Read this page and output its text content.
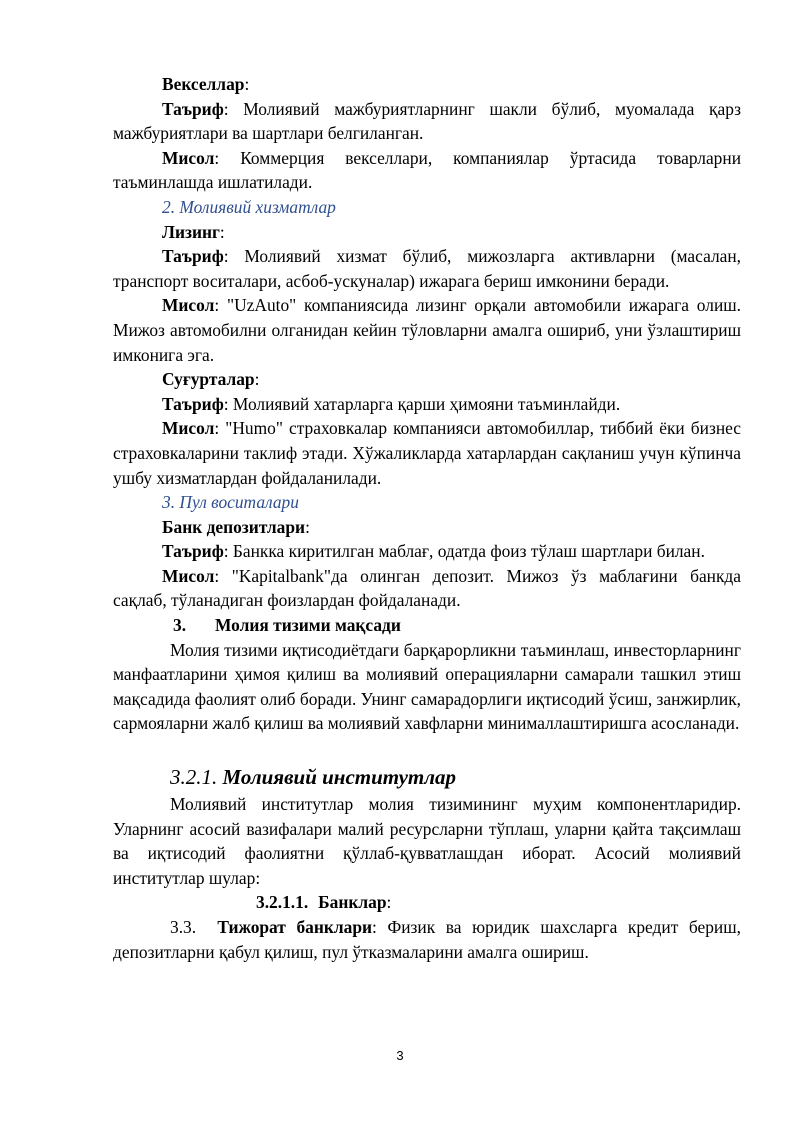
Векселлар:

Таъриф: Молиявий мажбуриятларнинг шакли бўлиб, муомалада қарз мажбуриятлари ва шартлари белгиланган.

Мисол: Коммерция векселлари, компаниялар ўртасида товарларни таъминлашда ишлатилади.

2. Молиявий хизматлар

Лизинг:

Таъриф: Молиявий хизмат бўлиб, мижозларга активларни (масалан, транспорт воситалари, асбоб-ускуналар) ижарага бериш имконини беради.

Мисол: "UzAuto" компаниясида лизинг орқали автомобили ижарага олиш. Мижоз автомобилни олганидан кейин тўловларни амалга ошириб, уни ўзлаштириш имконига эга.

Суғурталар:

Таъриф: Молиявий хатарларга қарши ҳимояни таъминлайди.

Мисол: "Humo" страховкалар компанияси автомобиллар, тиббий ёки бизнес страховкаларини таклиф этади. Хўжаликларда хатарлардан сақланиш учун кўпинча ушбу хизматлардан фойдаланилади.

3. Пул воситалари

Банк депозитлари:

Таъриф: Банкка киритилган маблағ, одатда фоиз тўлаш шартлари билан.

Мисол: "Kapitalbank"да олинган депозит. Мижоз ўз маблағини банкда сақлаб, тўланадиган фоизлардан фойдаланади.

3. Молия тизими мақсади

Молия тизими иқтисодиётдаги барқарорликни таъминлаш, инвесторларнинг манфаатларини ҳимоя қилиш ва молиявий операцияларни самарали ташкил этиш мақсадида фаолият олиб боради. Унинг самарадорлиги иқтисодий ўсиш, занжирлик, сармояларни жалб қилиш ва молиявий хавфларни минималлаштиришга асосланади.

3.2.1. Молиявий институтлар

Молиявий институтлар молия тизимининг муҳим компонентларидир. Уларнинг асосий вазифалари малий ресурсларни тўплаш, уларни қайта тақсимлаш ва иқтисодий фаолиятни қўллаб-қувватлашдан иборат. Асосий молиявий институтлар шулар:

3.2.1.1. Банклар:

3.3. Тижорат банклари: Физик ва юридик шахсларга кредит бериш, депозитларни қабул қилиш, пул ўтказмаларини амалга ошириш.

3
